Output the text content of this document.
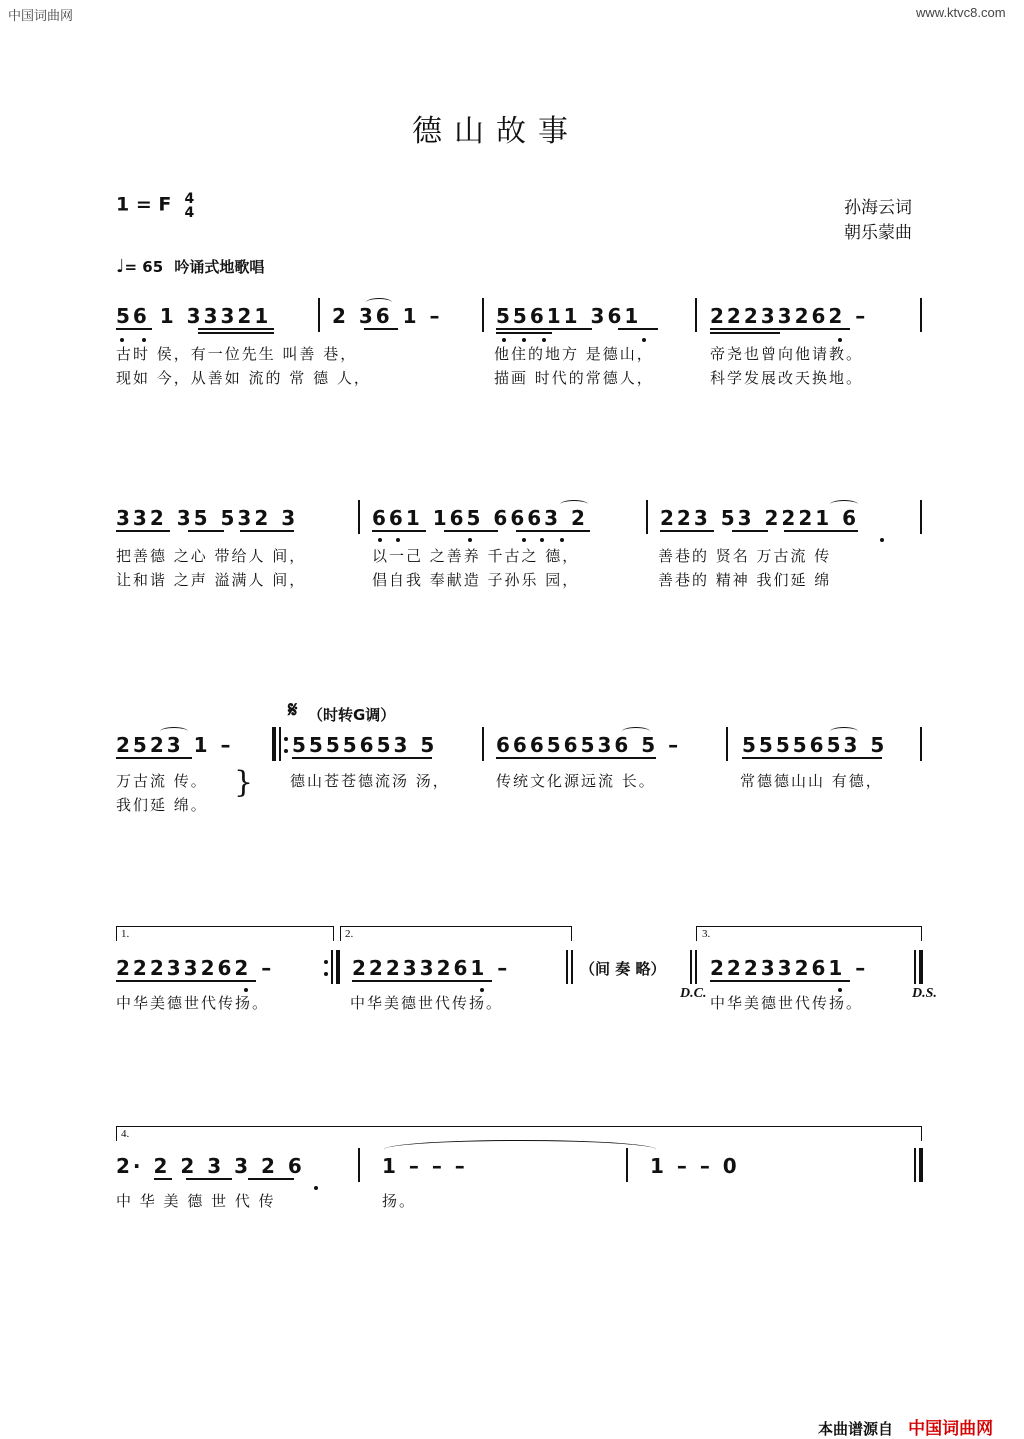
中国词曲网	www.ktvc8.com
德山故事
1 = F 4
4	孙海云词
朝乐蒙曲
♩= 65 吟诵式地歌唱
56 1 33321	2 36 1 –	55611 361	22233262 –
古时 侯，有一位先生 叫善 巷，	他住的地方 是德山，	帝尧也曾向他请教。
现如 今，从善如 流的 常 德 人，	描画 时代的常德人，	科学发展改天换地。
332 35 532 3	661 165 6663 2	223 53 2221 6
把善德 之心 带给人 间，	以一己 之善养 千古之 德，	善巷的 贤名 万古流 传
让和谐 之声 溢满人 间，	倡自我 奉献造 子孙乐 园，	善巷的 精神 我们延 绵
𝄋 （时转G调）
2523 1 –	5555653 5	66656536 5 –	5555653 5
万古流 传。 } 德山苍苍德流汤 汤，	传统文化源远流 长。	常德德山山 有德，
我们延 绵。
1.	2.	3.
22233262 –	22233261 –	（间 奏 略） 22233261 –
D.C.	D.S.
中华美德世代传扬。	中华美德世代传扬。	中华美德世代传扬。
4.
2· 2 2 3 3 2 6	1 – – –	1 – – 0
中 华 美 德 世 代 传	扬。
本曲谱源自 中国词曲网
